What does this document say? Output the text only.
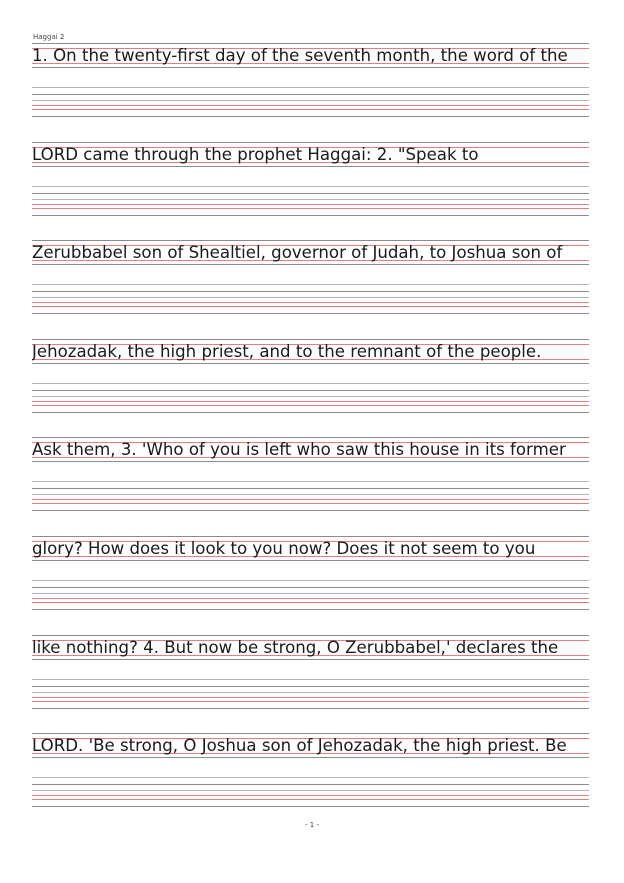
Haggai 2
1. On the twenty-first day of the seventh month, the word of the
LORD came through the prophet Haggai: 2. "Speak to
Zerubbabel son of Shealtiel, governor of Judah, to Joshua son of
Jehozadak, the high priest, and to the remnant of the people.
Ask them, 3. 'Who of you is left who saw this house in its former
glory? How does it look to you now? Does it not seem to you
like nothing? 4. But now be strong, O Zerubbabel,' declares the
LORD. 'Be strong, O Joshua son of Jehozadak, the high priest. Be
- 1 -
